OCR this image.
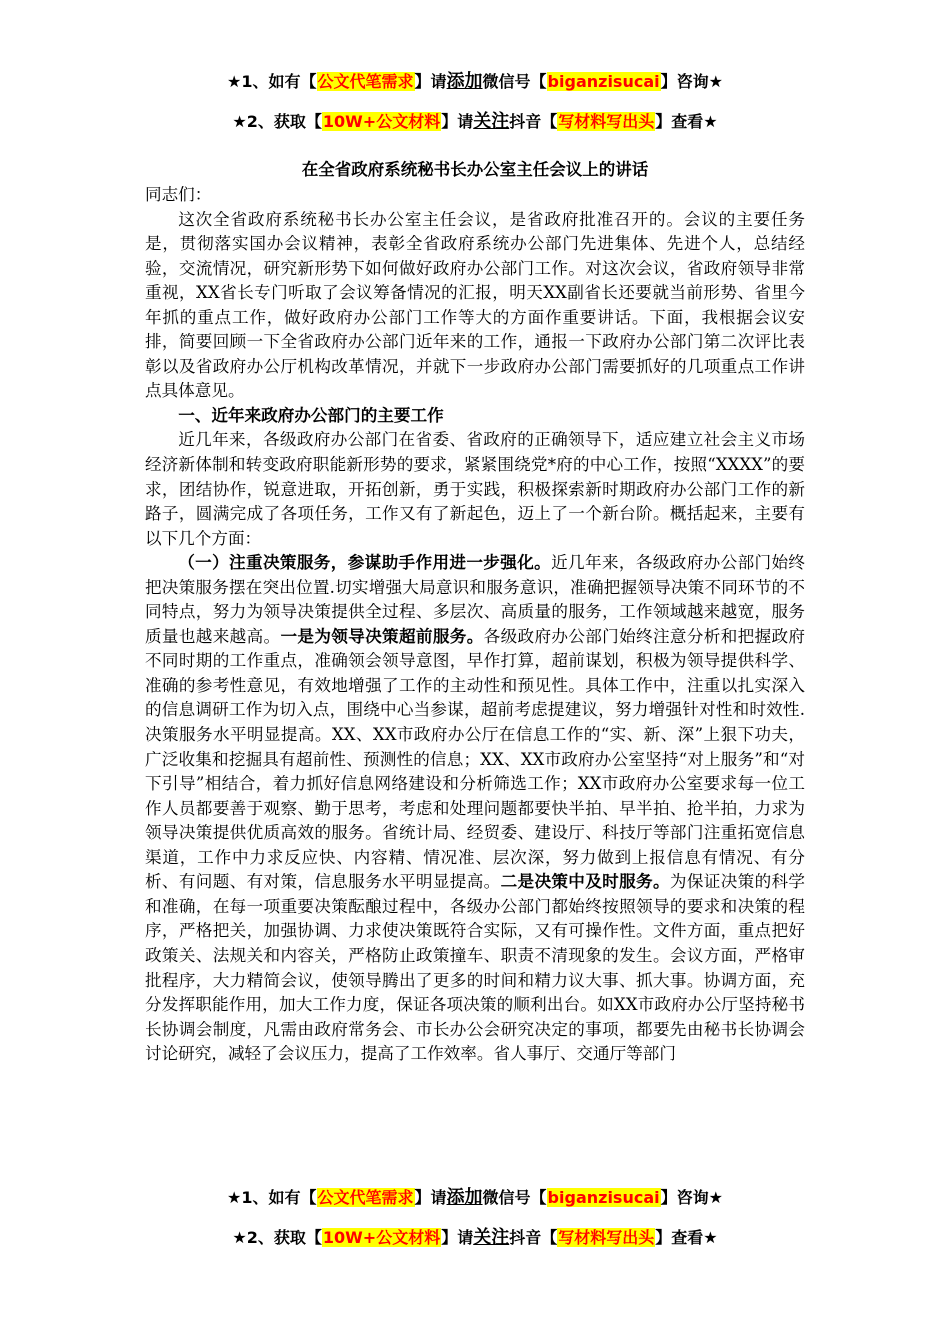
★1、如有【公文代笔需求】请添加微信号【biganzisucai】咨询★
★2、获取【10W+公文材料】请关注抖音【写材料写出头】查看★
在全省政府系统秘书长办公室主任会议上的讲话

同志们：

这次全省政府系统秘书长办公室主任会议，是省政府批准召开的。会议的主要任务是，贯彻落实国办会议精神，表彰全省政府系统办公部门先进集体、先进个人，总结经验，交流情况，研究新形势下如何做好政府办公部门工作。对这次会议，省政府领导非常重视，XX省长专门听取了会议筹备情况的汇报，明天XX副省长还要就当前形势、省里今年抓的重点工作，做好政府办公部门工作等大的方面作重要讲话。下面，我根据会议安排，简要回顾一下全省政府办公部门近年来的工作，通报一下政府办公部门第二次评比表彰以及省政府办公厅机构改革情况，并就下一步政府办公部门需要抓好的几项重点工作讲点具体意见。

一、近年来政府办公部门的主要工作

近几年来，各级政府办公部门在省委、省政府的正确领导下，适应建立社会主义市场经济新体制和转变政府职能新形势的要求，紧紧围绕党*府的中心工作，按照“XXXX”的要求，团结协作，锐意进取，开拓创新，勇于实践，积极探索新时期政府办公部门工作的新路子，圆满完成了各项任务，工作又有了新起色，迈上了一个新台阶。概括起来，主要有以下几个方面：

（一）注重决策服务，参谋助手作用进一步强化。近几年来，各级政府办公部门始终把决策服务摆在突出位置.切实增强大局意识和服务意识，准确把握领导决策不同环节的不同特点，努力为领导决策提供全过程、多层次、高质量的服务，工作领域越来越宽，服务质量也越来越高。一是为领导决策超前服务。各级政府办公部门始终注意分析和把握政府不同时期的工作重点，准确领会领导意图，早作打算，超前谋划，积极为领导提供科学、准确的参考性意见，有效地增强了工作的主动性和预见性。具体工作中，注重以扎实深入的信息调研工作为切入点，围绕中心当参谋，超前考虑提建议，努力增强针对性和时效性.决策服务水平明显提高。XX、XX市政府办公厅在信息工作的“实、新、深”上狠下功夫，广泛收集和挖掘具有超前性、预测性的信息；XX、XX市政府办公室坚持“对上服务”和“对下引导”相结合，着力抓好信息网络建设和分析筛选工作；XX市政府办公室要求每一位工作人员都要善于观察、勤于思考，考虑和处理问题都要快半拍、早半拍、抢半拍，力求为领导决策提供优质高效的服务。省统计局、经贸委、建设厅、科技厅等部门注重拓宽信息渠道，工作中力求反应快、内容精、情况准、层次深，努力做到上报信息有情况、有分析、有问题、有对策，信息服务水平明显提高。二是决策中及时服务。为保证决策的科学和准确，在每一项重要决策酝酿过程中，各级办公部门都始终按照领导的要求和决策的程序，严格把关，加强协调、力求使决策既符合实际，又有可操作性。文件方面，重点把好政策关、法规关和内容关，严格防止政策撞车、职责不清现象的发生。会议方面，严格审批程序，大力精简会议，使领导腾出了更多的时间和精力议大事、抓大事。协调方面，充分发挥职能作用，加大工作力度，保证各项决策的顺利出台。如XX市政府办公厅坚持秘书长协调会制度，凡需由政府常务会、市长办公会研究决定的事项，都要先由秘书长协调会讨论研究，减轻了会议压力，提高了工作效率。省人事厅、交通厅等部门

★1、如有【公文代笔需求】请添加微信号【biganzisucai】咨询★
★2、获取【10W+公文材料】请关注抖音【写材料写出头】查看★
